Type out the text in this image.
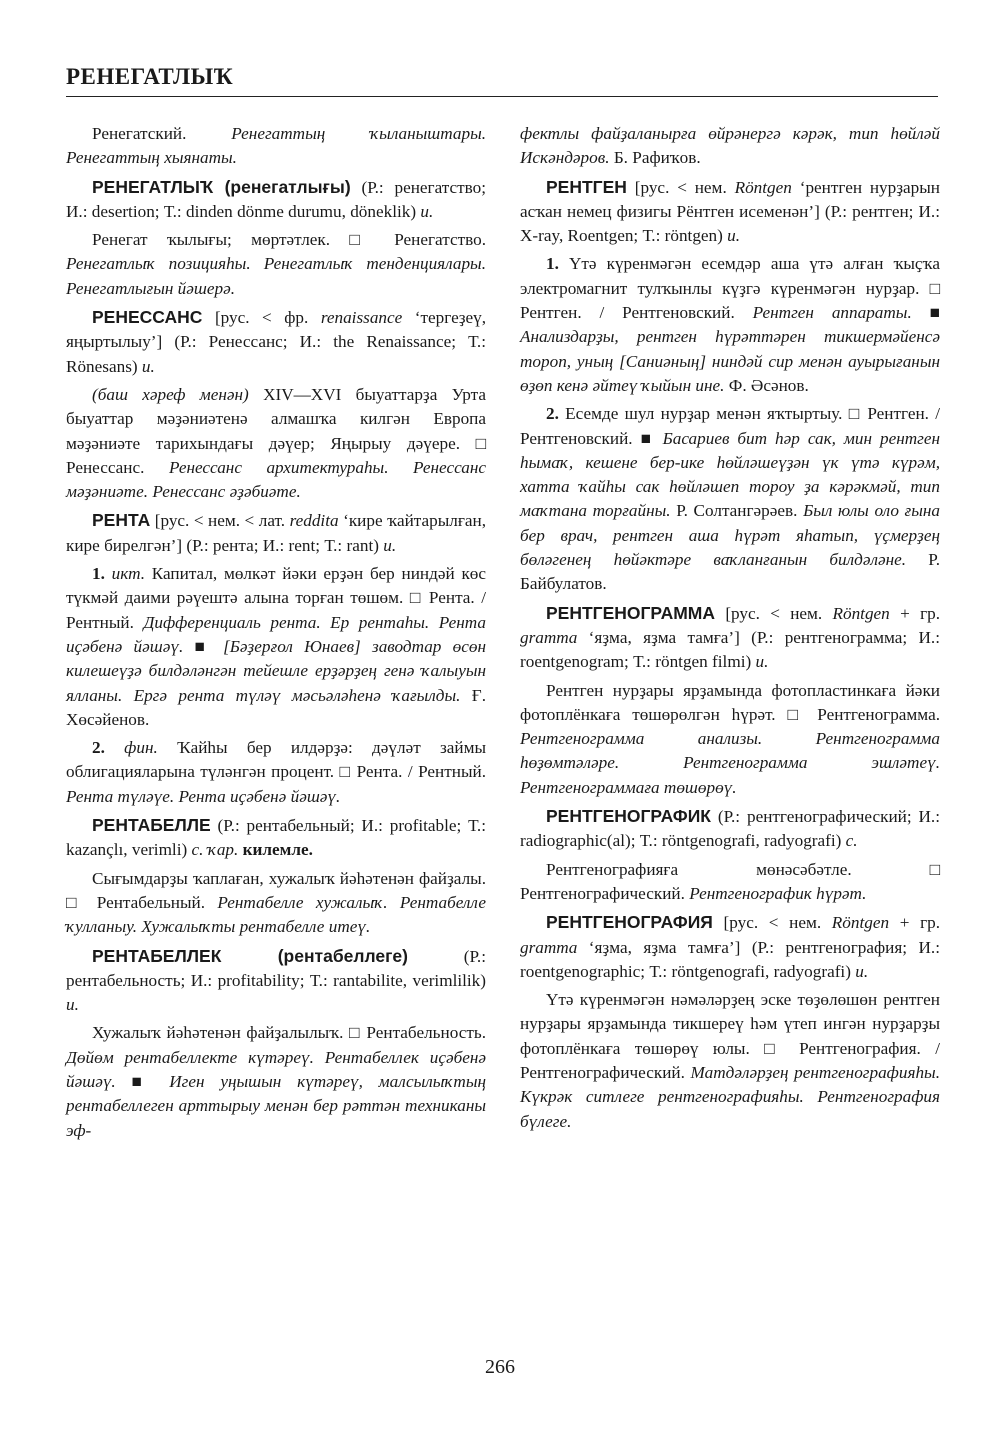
РЕНЕГАТЛЫҠ

Ренегатский.	Ренегаттың ҡыланыштары. Ренегаттың хыянаты.

РЕНЕГАТЛЫҠ (ренегатлығы) (Р.: ренегатство; И.: desertion; Т.: dinden dönme durumu, döneklik) и.

Ренегат ҡылығы; мөртәтлек. □ Ренегатство. Ренегатлыҡ позицияһы. Ренегатлыҡ тенденциялары. Ренегатлығын йәшерә.

РЕНЕССАНС [рус. < фр. renaissance ‘тергеҙеү, яңыртылыу’] (Р.: Ренессанс; И.: the Renaissance; Т.: Rönesans) и.

(баш хәреф менән) XIV—XVI быуаттарҙа Урта быуаттар мәҙәниәтенә алмашҡа килгән Европа мәҙәниәте тарихындағы дәүер; Яңырыу дәүере. □ Ренессанс. Ренессанс архитектураһы. Ренессанс мәҙәниәте. Ренессанс әҙәбиәте.

РЕНТА [рус. < нем. < лат. reddita ‘кире ҡайтарылған, кире бирелгән’] (Р.: рента; И.: rent; Т.: rant) и.

1. икт. Капитал, мөлкәт йәки ерҙән бер ниндәй көс түкмәй даими рәүештә алына торған төшөм. □ Рента. / Рентный. Дифференциаль рента. Ер рентаһы. Рента иҫәбенә йәшәү. ■ [Бәҙерғол Юнаев] заводтар өсөн килешеүҙә билдәләнгән тейешле ерҙәрҙең генә ҡалыуын ялланы. Ергә рента түләү мәсьәләһенә ҡағылды. Ғ. Хөсәйенов.

2. фин. Ҡайһы бер илдәрҙә: дәүләт займы облигацияларына түләнгән процент. □ Рента. / Рентный. Рента түләүе. Рента иҫәбенә йәшәү.

РЕНТАБЕЛЛЕ (Р.: рентабельный; И.: profitable; Т.: kazançlı, verimli) с. ҡар. килемле.

Сығымдарҙы ҡаплаған, хужалыҡ йәһәтенән файҙалы. □ Рентабельный. Рентабелле хужалыҡ. Рентабелле ҡулланыу. Хужалыҡты рентабелле итеү.

РЕНТАБЕЛЛЕК (рентабеллеге)	(Р.: рентабельность; И.: profitability; Т.: rantabilite, verimlilik) и.

Хужалыҡ йәһәтенән файҙалылыҡ. □ Рентабельность. Дөйөм рентабеллекте күтәреү. Рентабеллек иҫәбенә йәшәү. ■ Иген уңышын күтәреү, малсылыҡтың рентабеллеген арттырыу менән бер рәттән техниканы эф-

фектлы файҙаланырға өйрәнергә кәрәк, тип һөйләй Искәндәров. Б. Рафиҡов.

РЕНТГЕН [рус. < нем. Röntgen ‘рентген нурҙарын асҡан немец физигы Рёнтген исеменән’] (Р.: рентген; И.: X-ray, Roentgen; Т.: röntgen) и.

1. Үтә күренмәгән есемдәр аша үтә алған ҡыҫҡа электромагнит тулҡынлы күҙгә күренмәгән нурҙар. □ Рентген. / Рентгеновский. Рентген аппараты. ■ Анализдарҙы, рентген һүрәттәрен тикшермәйенсә тороп, уның [Саниәның] ниндәй сир менән ауырығанын өҙөп кенә әйтеү ҡыйын ине. Ф. Әсәнов.

2. Есемде шул нурҙар менән яҡтыртыу. □ Рентген. / Рентгеновский. ■ Басариев бит һәр сак, мин рентген һымаҡ, кешене бер-ике һөйләшеүҙән үк үтә күрәм, хатта ҡайһы сак һөйләшеп тороу ҙа кәрәкмәй, тип маҡтана торғайны. Р. Солтангәрәев. Был юлы оло ғына бер врач, рентген аша һүрәт яһатып, үҫмерҙең бөләгенең һөйәктәре ваҡланғанын билдәләне. Р. Байбулатов.

РЕНТГЕНОГРАММА [рус. < нем. Röntgen + гр. gramma ‘яҙма, яҙма тамға’] (Р.: рентгенограмма; И.: roentgenogram; Т.: röntgen filmi) и.

Рентген нурҙары ярҙамында фотопластинкаға йәки фотоплёнкаға төшөрөлгән һүрәт. □ Рентгенограмма. Рентгенограмма анализы. Рентгенограмма һөҙөмтәләре. Рентгенограмма эшләтеү. Рентгенограммаға төшөрөү.

РЕНТГЕНОГРАФИК (Р.: рентгенографический; И.: radiographic(al); Т.: röntgenografi, radyografi) с.

Рентгенографияға мөнәсәбәтле. □ Рентгенографический. Рентгенографик һүрәт.

РЕНТГЕНОГРАФИЯ [рус. < нем. Röntgen + гр. gramma ‘яҙма, яҙма тамға’] (Р.: рентгенография; И.: roentgenographic; Т.: röntgenografi, radyografi) и.

Үтә күренмәгән нәмәләрҙең эске төҙөлөшөн рентген нурҙары ярҙамында тикшереү һәм үтеп ингән нурҙарҙы фотоплёнкаға төшөрөү юлы. □ Рентгенография. / Рентгенографический. Матдәләрҙең рентгенографияһы. Күкрәк ситлеге рентгенографияһы. Рентгенография бүлеге.

266
